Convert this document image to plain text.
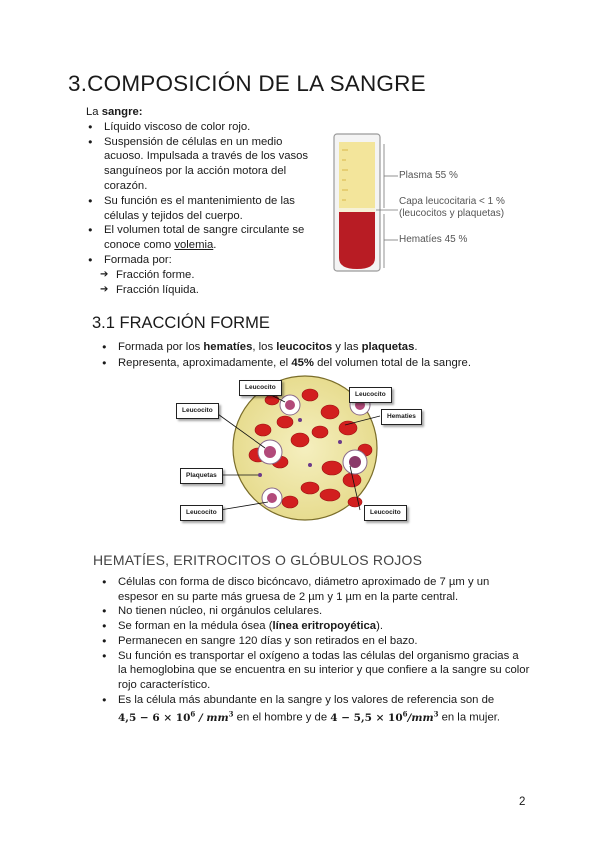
3.COMPOSICIÓN DE LA SANGRE
La sangre:
● Líquido viscoso de color rojo.
● Suspensión de células en un medio acuoso. Impulsada a través de los vasos sanguíneos por la acción motora del corazón.
● Su función es el mantenimiento de las células y tejidos del cuerpo.
● El volumen total de sangre circulante se conoce como volemia.
● Formada por:
➔ Fracción forme.
➔ Fracción líquida.
Plasma 55 %
Capa leucocitaria < 1 %
(leucocitos y plaquetas)
Hematíes 45 %
3.1 FRACCIÓN FORME
● Formada por los hematíes, los leucocitos y las plaquetas.
● Representa, aproximadamente, el 45% del volumen total de la sangre.
Leucocito
Leucocito
Leucocito
Hematies
Plaquetas
Leucocito	Leucocito
HEMATÍES, ERITROCITOS O GLÓBULOS ROJOS
● Células con forma de disco bicóncavo, diámetro aproximado de 7 µm y un espesor en su parte más gruesa de 2 µm y 1 µm en la parte central.
● No tienen núcleo, ni orgánulos celulares.
● Se forman en la médula ósea (línea eritropoyética).
● Permanecen en sangre 120 días y son retirados en el bazo.
● Su función es transportar el oxígeno a todas las células del organismo gracias a la hemoglobina que se encuentra en su interior y que confiere a la sangre su color rojo característico.
● Es la célula más abundante en la sangre y los valores de referencia son de
$4,5 - 6 \times 10^6 / mm^3$ en el hombre y de $4 - 5,5 \times 10^6/mm^3$ en la mujer.
2
